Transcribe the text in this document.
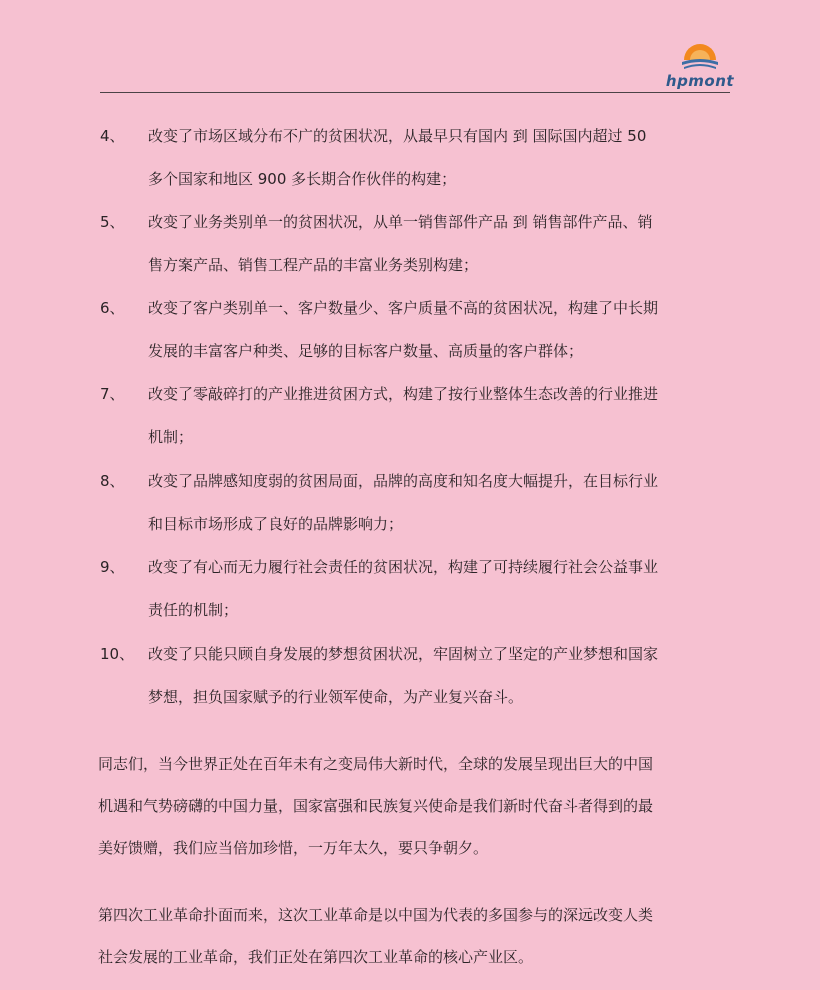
hpmont
4、 改变了市场区域分布不广的贫困状况，从最早只有国内 到 国际国内超过 50
多个国家和地区 900 多长期合作伙伴的构建；

5、 改变了业务类别单一的贫困状况，从单一销售部件产品 到 销售部件产品、销
售方案产品、销售工程产品的丰富业务类别构建；

6、 改变了客户类别单一、客户数量少、客户质量不高的贫困状况，构建了中长期
发展的丰富客户种类、足够的目标客户数量、高质量的客户群体；

7、 改变了零敲碎打的产业推进贫困方式，构建了按行业整体生态改善的行业推进
机制；

8、 改变了品牌感知度弱的贫困局面，品牌的高度和知名度大幅提升，在目标行业
和目标市场形成了良好的品牌影响力；

9、 改变了有心而无力履行社会责任的贫困状况，构建了可持续履行社会公益事业
责任的机制；

10、 改变了只能只顾自身发展的梦想贫困状况，牢固树立了坚定的产业梦想和国家
梦想，担负国家赋予的行业领军使命，为产业复兴奋斗。

同志们，当今世界正处在百年未有之变局伟大新时代，全球的发展呈现出巨大的中国
机遇和气势磅礴的中国力量，国家富强和民族复兴使命是我们新时代奋斗者得到的最
美好馈赠，我们应当倍加珍惜，一万年太久，要只争朝夕。

第四次工业革命扑面而来，这次工业革命是以中国为代表的多国参与的深远改变人类
社会发展的工业革命，我们正处在第四次工业革命的核心产业区。
